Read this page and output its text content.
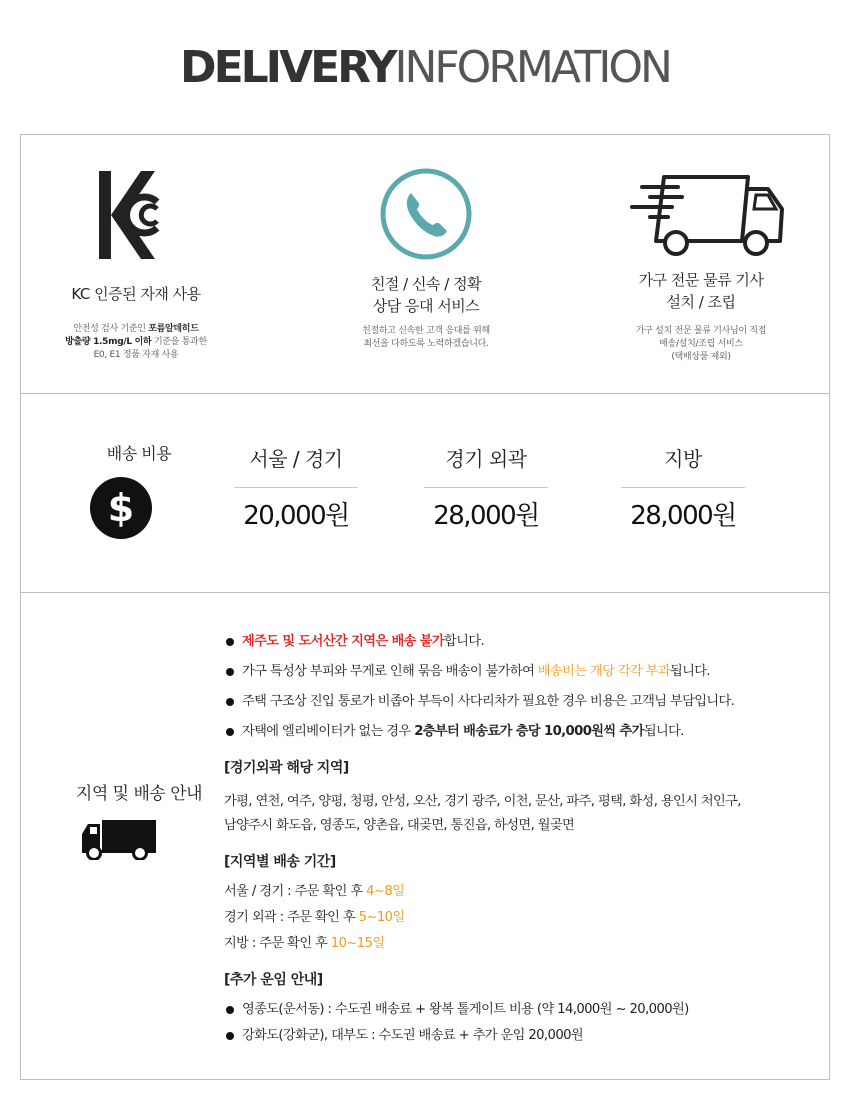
DELIVERYINFORMATION
KC 인증된 자재 사용
안전성 검사 기준인 포름알데히드
방출량 1.5mg/L 이하 기준을 통과한
E0, E1 정품 자재 사용
친절 / 신속 / 정확
상담 응대 서비스
친절하고 신속한 고객 응대를 위해
최선을 다하도록 노력하겠습니다.
가구 전문 물류 기사
설치 / 조립
가구 설치 전문 물류 기사님이 직접
배송/설치/조립 서비스
(택배상품 제외)
배송 비용
$
서울 / 경기
20,000원
경기 외곽
28,000원
지방
28,000원
지역 및 배송 안내
제주도 및 도서산간 지역은 배송 불가합니다.
가구 특성상 부피와 무게로 인해 묶음 배송이 불가하여 배송비는 개당 각각 부과됩니다.
주택 구조상 진입 통로가 비좁아 부득이 사다리차가 필요한 경우 비용은 고객님 부담입니다.
자택에 엘리베이터가 없는 경우 2층부터 배송료가 층당 10,000원씩 추가됩니다.
[경기외곽 해당 지역]
가평, 연천, 여주, 양평, 청평, 안성, 오산, 경기 광주, 이천, 문산, 파주, 평택, 화성, 용인시 처인구,
남양주시 화도읍, 영종도, 양촌읍, 대곶면, 통진읍, 하성면, 월곶면
[지역별 배송 기간]
서울 / 경기 : 주문 확인 후 4~8일
경기 외곽 : 주문 확인 후 5~10일
지방 : 주문 확인 후 10~15일
[추가 운임 안내]
영종도(운서동) : 수도권 배송료 + 왕복 톨게이트 비용 (약 14,000원 ~ 20,000원)
강화도(강화군), 대부도 : 수도권 배송료 + 추가 운임 20,000원
